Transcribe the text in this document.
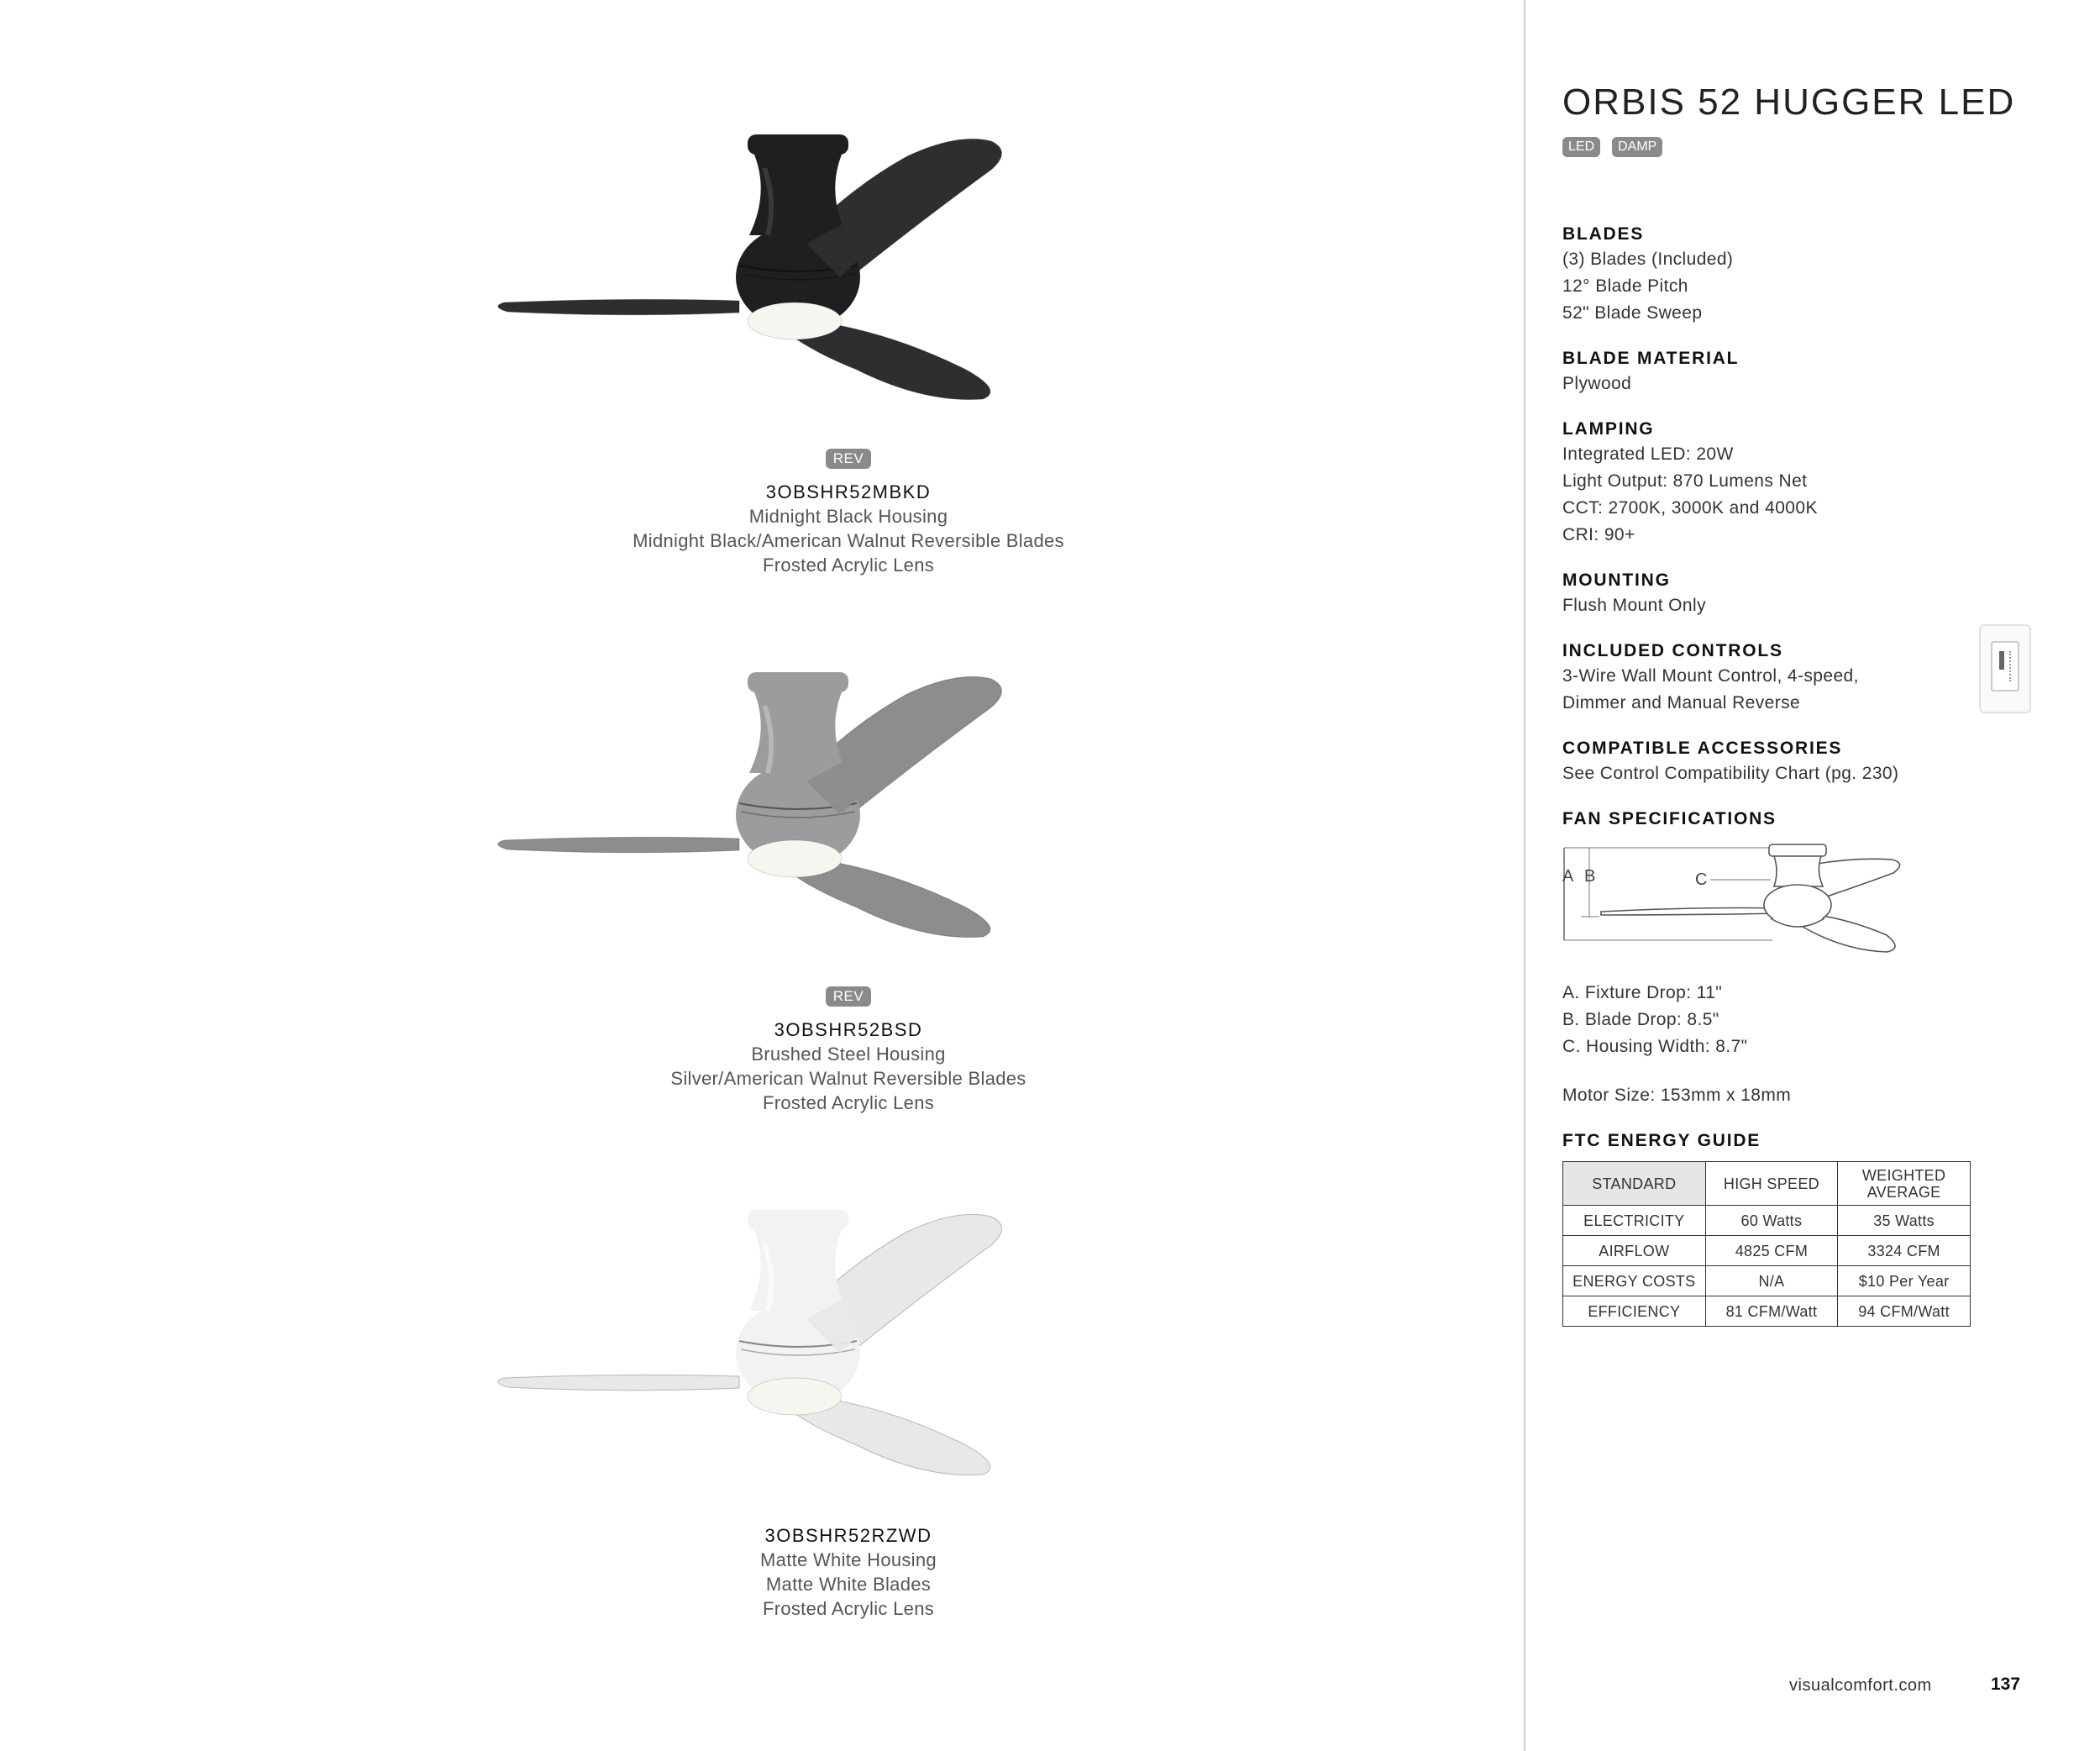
REV
3OBSHR52MBKD
Midnight Black Housing
Midnight Black/American Walnut Reversible Blades
Frosted Acrylic Lens
REV
3OBSHR52BSD
Brushed Steel Housing
Silver/American Walnut Reversible Blades
Frosted Acrylic Lens
3OBSHR52RZWD
Matte White Housing
Matte White Blades
Frosted Acrylic Lens
ORBIS 52 HUGGER LED
LED	DAMP
BLADES
(3) Blades (Included)
12° Blade Pitch
52" Blade Sweep
BLADE MATERIAL
Plywood
LAMPING
Integrated LED: 20W
Light Output: 870 Lumens Net
CCT: 2700K, 3000K and 4000K
CRI: 90+
MOUNTING
Flush Mount Only
INCLUDED CONTROLS
3-Wire Wall Mount Control, 4-speed,
Dimmer and Manual Reverse
COMPATIBLE ACCESSORIES
See Control Compatibility Chart (pg. 230)
FAN SPECIFICATIONS
A B	C
A. Fixture Drop: 11"
B. Blade Drop: 8.5"
C. Housing Width: 8.7"
Motor Size: 153mm x 18mm
FTC ENERGY GUIDE
STANDARD	HIGH SPEED	WEIGHTED AVERAGE
ELECTRICITY	60 Watts	35 Watts
AIRFLOW	4825 CFM	3324 CFM
ENERGY COSTS	N/A	$10 Per Year
EFFICIENCY	81 CFM/Watt	94 CFM/Watt
visualcomfort.com	137
